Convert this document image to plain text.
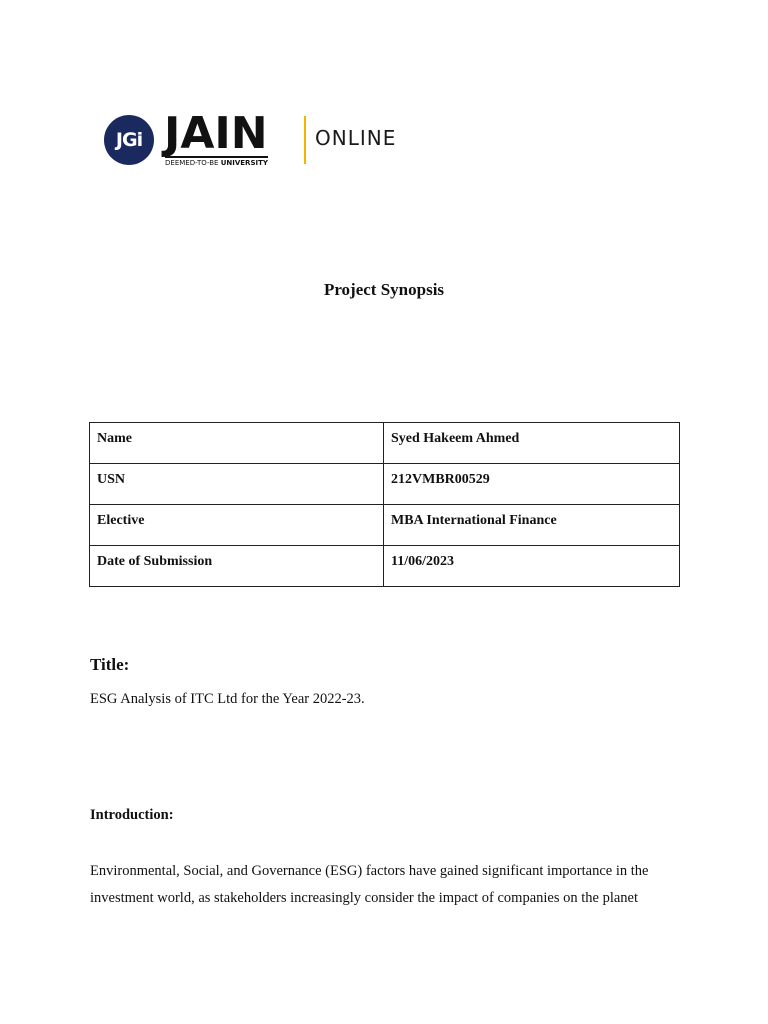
JGi JAIN
DEEMED-TO-BE UNIVERSITY
ONLINE
Project Synopsis
Name	Syed Hakeem Ahmed
USN	212VMBR00529
Elective	MBA International Finance
Date of Submission	11/06/2023
Title:
ESG Analysis of ITC Ltd for the Year 2022-23.
Introduction:
Environmental, Social, and Governance (ESG) factors have gained significant importance in the
investment world, as stakeholders increasingly consider the impact of companies on the planet
